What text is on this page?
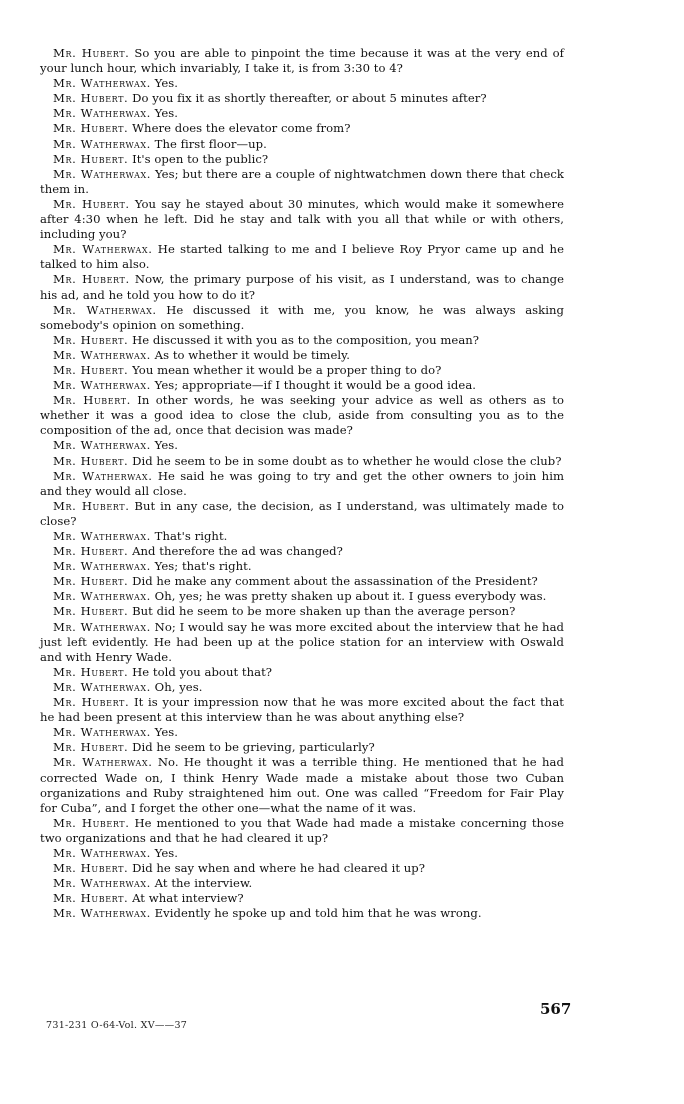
Mr. Hubert. So you are able to pinpoint the time because it was at the very end of your lunch hour, which invariably, I take it, is from 3:30 to 4?

Mr. Watherwax. Yes.

Mr. Hubert. Do you fix it as shortly thereafter, or about 5 minutes after?

Mr. Watherwax. Yes.

Mr. Hubert. Where does the elevator come from?

Mr. Watherwax. The first floor—up.

Mr. Hubert. It's open to the public?

Mr. Watherwax. Yes; but there are a couple of nightwatchmen down there that check them in.

Mr. Hubert. You say he stayed about 30 minutes, which would make it somewhere after 4:30 when he left. Did he stay and talk with you all that while or with others, including you?

Mr. Watherwax. He started talking to me and I believe Roy Pryor came up and he talked to him also.

Mr. Hubert. Now, the primary purpose of his visit, as I understand, was to change his ad, and he told you how to do it?

Mr. Watherwax. He discussed it with me, you know, he was always asking somebody's opinion on something.

Mr. Hubert. He discussed it with you as to the composition, you mean?

Mr. Watherwax. As to whether it would be timely.

Mr. Hubert. You mean whether it would be a proper thing to do?

Mr. Watherwax. Yes; appropriate—if I thought it would be a good idea.

Mr. Hubert. In other words, he was seeking your advice as well as others as to whether it was a good idea to close the club, aside from consulting you as to the composition of the ad, once that decision was made?

Mr. Watherwax. Yes.

Mr. Hubert. Did he seem to be in some doubt as to whether he would close the club?

Mr. Watherwax. He said he was going to try and get the other owners to join him and they would all close.

Mr. Hubert. But in any case, the decision, as I understand, was ultimately made to close?

Mr. Watherwax. That's right.

Mr. Hubert. And therefore the ad was changed?

Mr. Watherwax. Yes; that's right.

Mr. Hubert. Did he make any comment about the assassination of the President?

Mr. Watherwax. Oh, yes; he was pretty shaken up about it. I guess everybody was.

Mr. Hubert. But did he seem to be more shaken up than the average person?

Mr. Watherwax. No; I would say he was more excited about the interview that he had just left evidently. He had been up at the police station for an interview with Oswald and with Henry Wade.

Mr. Hubert. He told you about that?

Mr. Watherwax. Oh, yes.

Mr. Hubert. It is your impression now that he was more excited about the fact that he had been present at this interview than he was about anything else?

Mr. Watherwax. Yes.

Mr. Hubert. Did he seem to be grieving, particularly?

Mr. Watherwax. No. He thought it was a terrible thing. He mentioned that he had corrected Wade on, I think Henry Wade made a mistake about those two Cuban organizations and Ruby straightened him out. One was called “Freedom for Fair Play for Cuba”, and I forget the other one—what the name of it was.

Mr. Hubert. He mentioned to you that Wade had made a mistake concerning those two organizations and that he had cleared it up?

Mr. Watherwax. Yes.

Mr. Hubert. Did he say when and where he had cleared it up?

Mr. Watherwax. At the interview.

Mr. Hubert. At what interview?

Mr. Watherwax. Evidently he spoke up and told him that he was wrong.

567
731-231 O-64-Vol. XV——37
